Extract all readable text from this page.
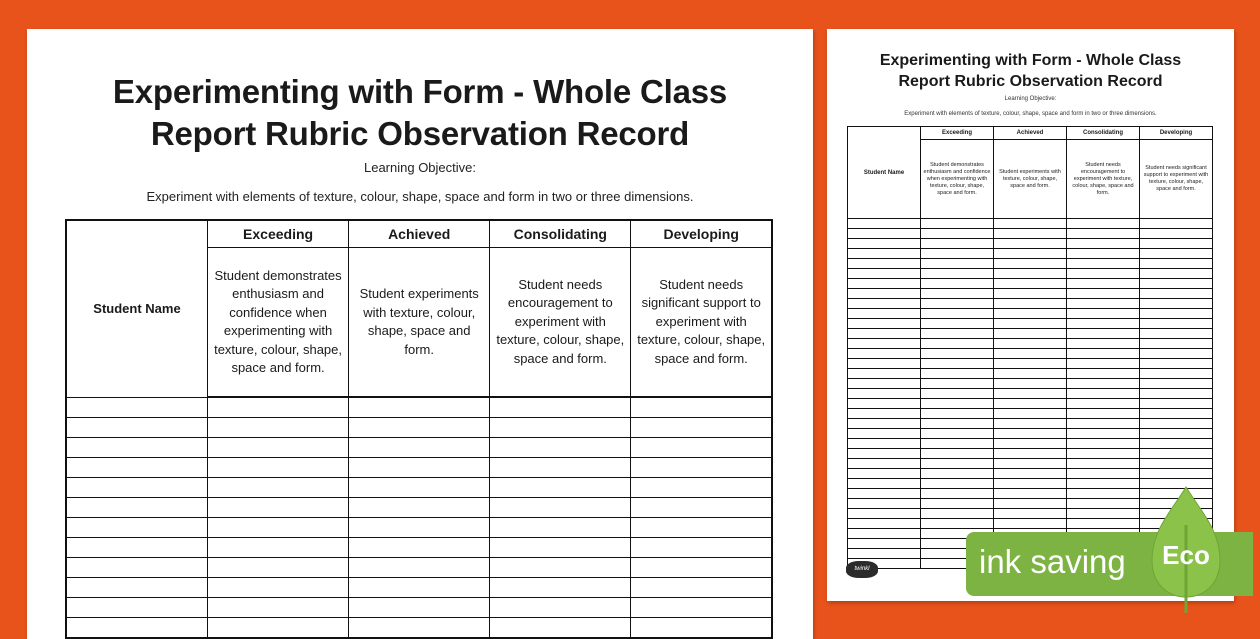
Experimenting with Form - Whole Class
Report Rubric Observation Record
Learning Objective:
Experiment with elements of texture, colour, shape, space and form in two or three dimensions.
Student Name	Exceeding	Achieved	Consolidating	Developing
	Student demonstrates enthusiasm and confidence when experimenting with texture, colour, shape, space and form.	Student experiments with texture, colour, shape, space and form.	Student needs encouragement to experiment with texture, colour, shape, space and form.	Student needs significant support to experiment with texture, colour, shape, space and form.

Experimenting with Form - Whole Class
Report Rubric Observation Record
Learning Objective:
Experiment with elements of texture, colour, shape, space and form in two or three dimensions.
Student Name	Exceeding	Achieved	Consolidating	Developing
	Student demonstrates enthusiasm and confidence when experimenting with texture, colour, shape, space and form.	Student experiments with texture, colour, shape, space and form.	Student needs encouragement to experiment with texture, colour, shape, space and form.	Student needs significant support to experiment with texture, colour, shape, space and form.

twinkl	ink saving Eco
